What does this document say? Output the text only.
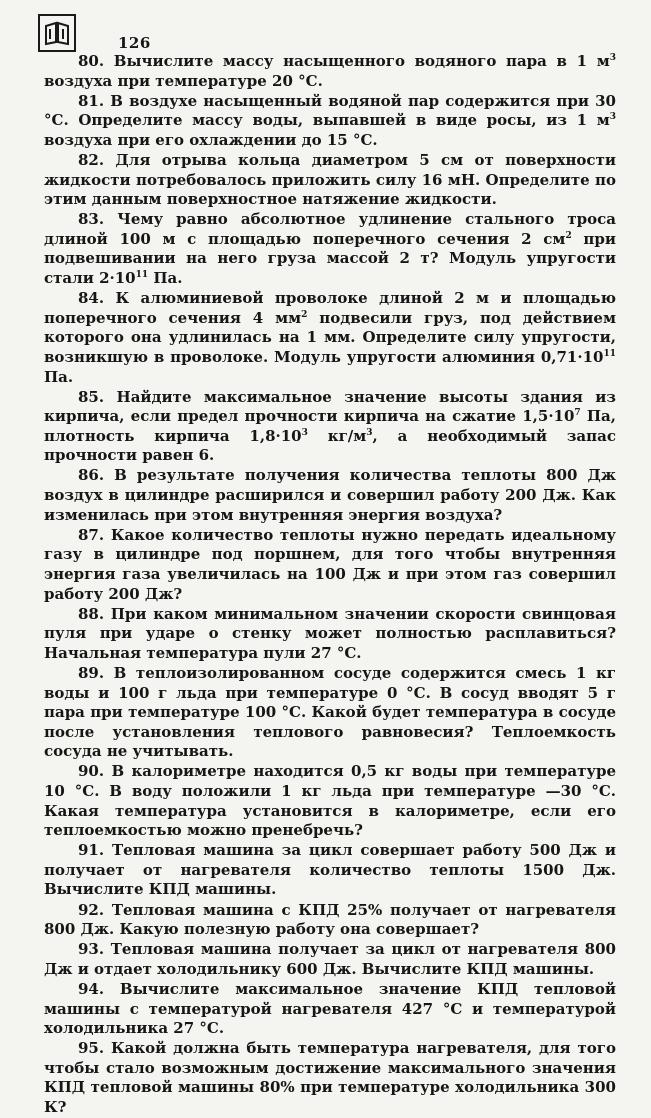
126

80. Вычислите массу насыщенного водяного пара в 1 $м^3$ воздуха при температуре 20 °С.

81. В воздухе насыщенный водяной пар содержится при 30 °С. Определите массу воды, выпавшей в виде росы, из 1 $м^3$ воздуха при его охлаждении до 15 °С.

82. Для отрыва кольца диаметром 5 см от поверхности жидкости потребовалось приложить силу 16 мН. Определите по этим данным поверхностное натяжение жидкости.

83. Чему равно абсолютное удлинение стального троса длиной 100 м с площадью поперечного сечения 2 $см^2$ при подвешивании на него груза массой 2 т? Модуль упругости стали $2\cdot 10^{11}$ Па.

84. К алюминиевой проволоке длиной 2 м и площадью поперечного сечения 4 $мм^2$ подвесили груз, под действием которого она удлинилась на 1 мм. Определите силу упругости, возникшую в проволоке. Модуль упругости алюминия $0,71\cdot 10^{11}$ Па.

85. Найдите максимальное значение высоты здания из кирпича, если предел прочности кирпича на сжатие $1,5\cdot 10^7$ Па, плотность кирпича $1,8\cdot 10^3$ $кг/м^3$, а необходимый запас прочности равен 6.

86. В результате получения количества теплоты 800 Дж воздух в цилиндре расширился и совершил работу 200 Дж. Как изменилась при этом внутренняя энергия воздуха?

87. Какое количество теплоты нужно передать идеальному газу в цилиндре под поршнем, для того чтобы внутренняя энергия газа увеличилась на 100 Дж и при этом газ совершил работу 200 Дж?

88. При каком минимальном значении скорости свинцовая пуля при ударе о стенку может полностью расплавиться? Начальная температура пули 27 °С.

89. В теплоизолированном сосуде содержится смесь 1 кг воды и 100 г льда при температуре 0 °С. В сосуд вводят 5 г пара при температуре 100 °С. Какой будет температура в сосуде после установления теплового равновесия? Теплоемкость сосуда не учитывать.

90. В калориметре находится 0,5 кг воды при температуре 10 °С. В воду положили 1 кг льда при температуре —30 °С. Какая температура установится в калориметре, если его теплоемкостью можно пренебречь?

91. Тепловая машина за цикл совершает работу 500 Дж и получает от нагревателя количество теплоты 1500 Дж. Вычислите КПД машины.

92. Тепловая машина с КПД 25% получает от нагревателя 800 Дж. Какую полезную работу она совершает?

93. Тепловая машина получает за цикл от нагревателя 800 Дж и отдает холодильнику 600 Дж. Вычислите КПД машины.

94. Вычислите максимальное значение КПД тепловой машины с температурой нагревателя 427 °С и температурой холодильника 27 °С.

95. Какой должна быть температура нагревателя, для того чтобы стало возможным достижение максимального значения КПД тепловой машины 80% при температуре холодильника 300 К?
